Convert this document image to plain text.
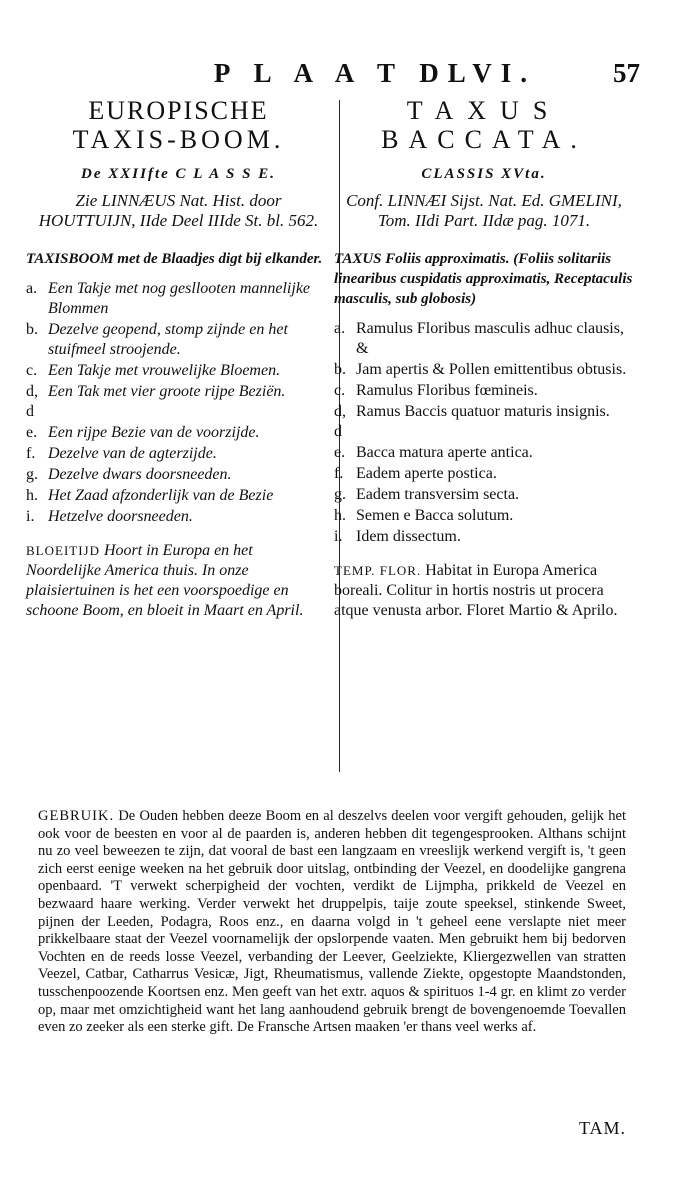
P L A A T DLVI.	57
EUROPISCHE
TAXIS-BOOM.
De XXIIfte C L A S S E.
Zie LINNÆUS Nat. Hist. door HOUTTUIJN, IIde Deel IIIde St. bl. 562.
TAXISBOOM met de Blaadjes digt bij elkander.
a. Een Takje met nog gesllooten mannelijke Blommen
b. Dezelve geopend, stomp zijnde en het stuifmeel stroojende.
c. Een Takje met vrouwelijke Bloemen.
d, d
Een Tak met vier groote rijpe Beziën.
e. Een rijpe Bezie van de voorzijde.
f. Dezelve van de agterzijde.
g. Dezelve dwars doorsneeden.
h. Het Zaad afzonderlijk van de Bezie
i. Hetzelve doorsneeden.
BLOEITIJD Hoort in Europa en het Noordelijke America thuis. In onze plaisiertuinen is het een voorspoedige en schoone Boom, en bloeit in Maart en April.
TAXUS
BACCATA.
CLASSIS XVta.
Conf. LINNÆI Sijst. Nat. Ed. GMELINI, Tom. IIdi Part. IIdæ pag. 1071.
TAXUS Foliis approximatis. (Foliis solitariis linearibus cuspidatis approximatis, Receptaculis masculis, sub globosis)
a. Ramulus Floribus masculis adhuc clausis, &
b. Jam apertis & Pollen emittentibus obtusis.
c. Ramulus Floribus fœmineis.
d, d
Ramus Baccis quatuor maturis insignis.
e. Bacca matura aperte antica.
f. Eadem aperte postica.
g. Eadem transversim secta.
h. Semen e Bacca solutum.
i. Idem dissectum.
TEMP. FLOR. Habitat in Europa America boreali. Colitur in hortis nostris ut procera atque venusta arbor. Floret Martio & Aprilo.
GEBRUIK. De Ouden hebben deeze Boom en al deszelvs deelen voor vergift gehouden, gelijk het ook voor de beesten en voor al de paarden is, anderen hebben dit tegengesprooken. Althans schijnt nu zo veel beweezen te zijn, dat vooral de bast een langzaam en vreeslijk werkend vergift is, 't geen zich eerst eenige weeken na het gebruik door uitslag, ontbinding der Veezel, en doodelijke gangrena openbaard. 'T verwekt scherpigheid der vochten, verdikt de Lijmpha, prikkeld de Veezel en bezwaard haare werking. Verder verwekt het druppelpis, taije zoute speeksel, stinkende Sweet, pijnen der Leeden, Podagra, Roos enz., en daarna volgd in 't geheel eene verslapte niet meer prikkelbaare staat der Veezel voornamelijk der opslorpende vaaten. Men gebruikt hem bij bedorven Vochten en de reeds losse Veezel, verbanding der Leever, Geelziekte, Kliergezwellen van stratten Veezel, Catbar, Catharrus Vesicæ, Jigt, Rheumatismus, vallende Ziekte, opgestopte Maandstonden, tusschenpoozende Koortsen enz. Men geeft van het extr. aquos & spirituos 1-4 gr. en klimt zo verder op, maar met omzichtigheid want het lang aanhoudend gebruik brengt de bovengenoemde Toevallen even zo zeeker als een sterke gift. De Fransche Artsen maaken 'er thans veel werks af.
TAM.
